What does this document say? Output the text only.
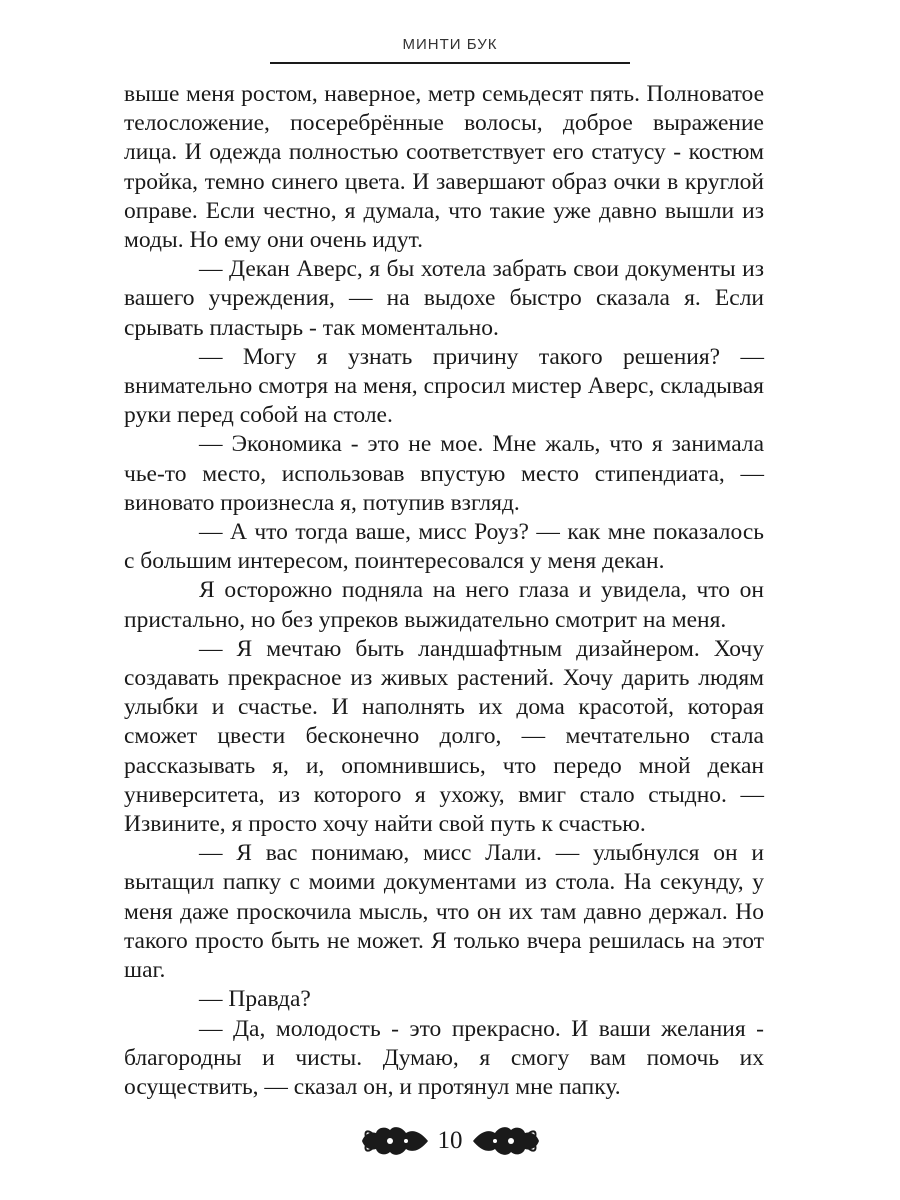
МИНТИ БУК

выше меня ростом, наверное, метр семьдесят пять. Полноватое телосложение, посеребрённые волосы, доброе выражение лица. И одежда полностью соответствует его статусу - костюм тройка, темно синего цвета. И завершают образ очки в круглой оправе. Если честно, я думала, что такие уже давно вышли из моды. Но ему они очень идут.

— Декан Аверс, я бы хотела забрать свои документы из вашего учреждения, — на выдохе быстро сказала я. Если срывать пластырь - так моментально.

— Могу я узнать причину такого решения? — внимательно смотря на меня, спросил мистер Аверс, складывая руки перед собой на столе.

— Экономика - это не мое. Мне жаль, что я занимала чье-то место, использовав впустую место стипендиата, — виновато произнесла я, потупив взгляд.

— А что тогда ваше, мисс Роуз? — как мне показалось с большим интересом, поинтересовался у меня декан.

Я осторожно подняла на него глаза и увидела, что он пристально, но без упреков выжидательно смотрит на меня.

— Я мечтаю быть ландшафтным дизайнером. Хочу создавать прекрасное из живых растений. Хочу дарить людям улыбки и счастье. И наполнять их дома красотой, которая сможет цвести бесконечно долго, — мечтательно стала рассказывать я, и, опомнившись, что передо мной декан университета, из которого я ухожу, вмиг стало стыдно. — Извините, я просто хочу найти свой путь к счастью.

— Я вас понимаю, мисс Лали. — улыбнулся он и вытащил папку с моими документами из стола. На секунду, у меня даже проскочила мысль, что он их там давно держал. Но такого просто быть не может. Я только вчера решилась на этот шаг.

— Правда?

— Да, молодость - это прекрасно. И ваши желания - благородны и чисты. Думаю, я смогу вам помочь их осуществить, — сказал он, и протянул мне папку.

10
